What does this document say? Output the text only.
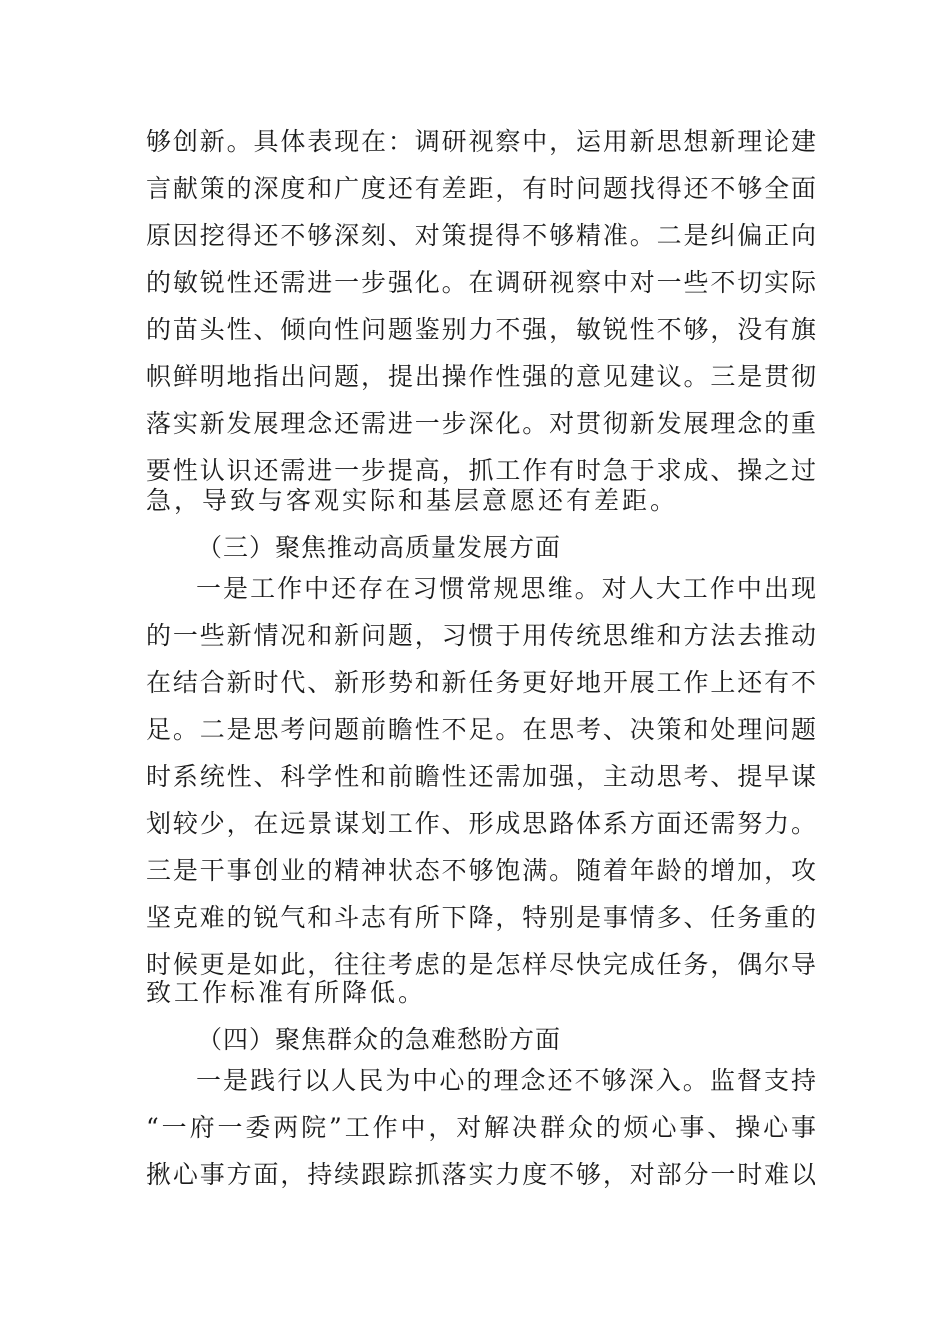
够创新。具体表现在：调研视察中，运用新思想新理论建
言献策的深度和广度还有差距，有时问题找得还不够全面
原因挖得还不够深刻、对策提得不够精准。二是纠偏正向
的敏锐性还需进一步强化。在调研视察中对一些不切实际
的苗头性、倾向性问题鉴别力不强，敏锐性不够，没有旗
帜鲜明地指出问题，提出操作性强的意见建议。三是贯彻
落实新发展理念还需进一步深化。对贯彻新发展理念的重
要性认识还需进一步提高，抓工作有时急于求成、操之过
急，导致与客观实际和基层意愿还有差距。
（三）聚焦推动高质量发展方面
一是工作中还存在习惯常规思维。对人大工作中出现
的一些新情况和新问题，习惯于用传统思维和方法去推动
在结合新时代、新形势和新任务更好地开展工作上还有不
足。二是思考问题前瞻性不足。在思考、决策和处理问题
时系统性、科学性和前瞻性还需加强，主动思考、提早谋
划较少，在远景谋划工作、形成思路体系方面还需努力。
三是干事创业的精神状态不够饱满。随着年龄的增加，攻
坚克难的锐气和斗志有所下降，特别是事情多、任务重的
时候更是如此，往往考虑的是怎样尽快完成任务，偶尔导
致工作标准有所降低。
（四）聚焦群众的急难愁盼方面
一是践行以人民为中心的理念还不够深入。监督支持
“一府一委两院”工作中，对解决群众的烦心事、操心事
揪心事方面，持续跟踪抓落实力度不够，对部分一时难以
